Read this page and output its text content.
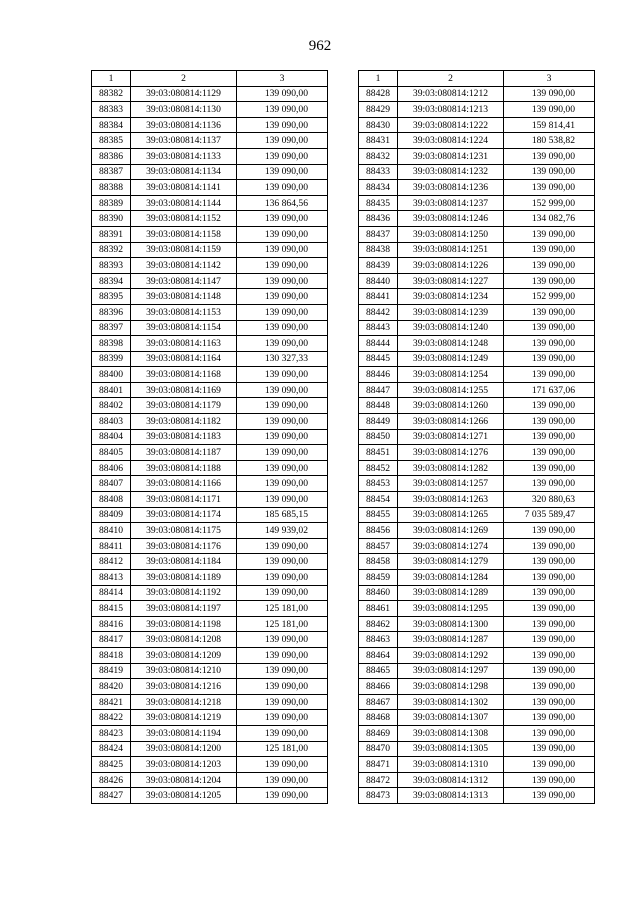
962
1	2	3
88382	39:03:080814:1129	139 090,00
88383	39:03:080814:1130	139 090,00
88384	39:03:080814:1136	139 090,00
88385	39:03:080814:1137	139 090,00
88386	39:03:080814:1133	139 090,00
88387	39:03:080814:1134	139 090,00
88388	39:03:080814:1141	139 090,00
88389	39:03:080814:1144	136 864,56
88390	39:03:080814:1152	139 090,00
88391	39:03:080814:1158	139 090,00
88392	39:03:080814:1159	139 090,00
88393	39:03:080814:1142	139 090,00
88394	39:03:080814:1147	139 090,00
88395	39:03:080814:1148	139 090,00
88396	39:03:080814:1153	139 090,00
88397	39:03:080814:1154	139 090,00
88398	39:03:080814:1163	139 090,00
88399	39:03:080814:1164	130 327,33
88400	39:03:080814:1168	139 090,00
88401	39:03:080814:1169	139 090,00
88402	39:03:080814:1179	139 090,00
88403	39:03:080814:1182	139 090,00
88404	39:03:080814:1183	139 090,00
88405	39:03:080814:1187	139 090,00
88406	39:03:080814:1188	139 090,00
88407	39:03:080814:1166	139 090,00
88408	39:03:080814:1171	139 090,00
88409	39:03:080814:1174	185 685,15
88410	39:03:080814:1175	149 939,02
88411	39:03:080814:1176	139 090,00
88412	39:03:080814:1184	139 090,00
88413	39:03:080814:1189	139 090,00
88414	39:03:080814:1192	139 090,00
88415	39:03:080814:1197	125 181,00
88416	39:03:080814:1198	125 181,00
88417	39:03:080814:1208	139 090,00
88418	39:03:080814:1209	139 090,00
88419	39:03:080814:1210	139 090,00
88420	39:03:080814:1216	139 090,00
88421	39:03:080814:1218	139 090,00
88422	39:03:080814:1219	139 090,00
88423	39:03:080814:1194	139 090,00
88424	39:03:080814:1200	125 181,00
88425	39:03:080814:1203	139 090,00
88426	39:03:080814:1204	139 090,00
88427	39:03:080814:1205	139 090,00
1	2	3
88428	39:03:080814:1212	139 090,00
88429	39:03:080814:1213	139 090,00
88430	39:03:080814:1222	159 814,41
88431	39:03:080814:1224	180 538,82
88432	39:03:080814:1231	139 090,00
88433	39:03:080814:1232	139 090,00
88434	39:03:080814:1236	139 090,00
88435	39:03:080814:1237	152 999,00
88436	39:03:080814:1246	134 082,76
88437	39:03:080814:1250	139 090,00
88438	39:03:080814:1251	139 090,00
88439	39:03:080814:1226	139 090,00
88440	39:03:080814:1227	139 090,00
88441	39:03:080814:1234	152 999,00
88442	39:03:080814:1239	139 090,00
88443	39:03:080814:1240	139 090,00
88444	39:03:080814:1248	139 090,00
88445	39:03:080814:1249	139 090,00
88446	39:03:080814:1254	139 090,00
88447	39:03:080814:1255	171 637,06
88448	39:03:080814:1260	139 090,00
88449	39:03:080814:1266	139 090,00
88450	39:03:080814:1271	139 090,00
88451	39:03:080814:1276	139 090,00
88452	39:03:080814:1282	139 090,00
88453	39:03:080814:1257	139 090,00
88454	39:03:080814:1263	320 880,63
88455	39:03:080814:1265	7 035 589,47
88456	39:03:080814:1269	139 090,00
88457	39:03:080814:1274	139 090,00
88458	39:03:080814:1279	139 090,00
88459	39:03:080814:1284	139 090,00
88460	39:03:080814:1289	139 090,00
88461	39:03:080814:1295	139 090,00
88462	39:03:080814:1300	139 090,00
88463	39:03:080814:1287	139 090,00
88464	39:03:080814:1292	139 090,00
88465	39:03:080814:1297	139 090,00
88466	39:03:080814:1298	139 090,00
88467	39:03:080814:1302	139 090,00
88468	39:03:080814:1307	139 090,00
88469	39:03:080814:1308	139 090,00
88470	39:03:080814:1305	139 090,00
88471	39:03:080814:1310	139 090,00
88472	39:03:080814:1312	139 090,00
88473	39:03:080814:1313	139 090,00
